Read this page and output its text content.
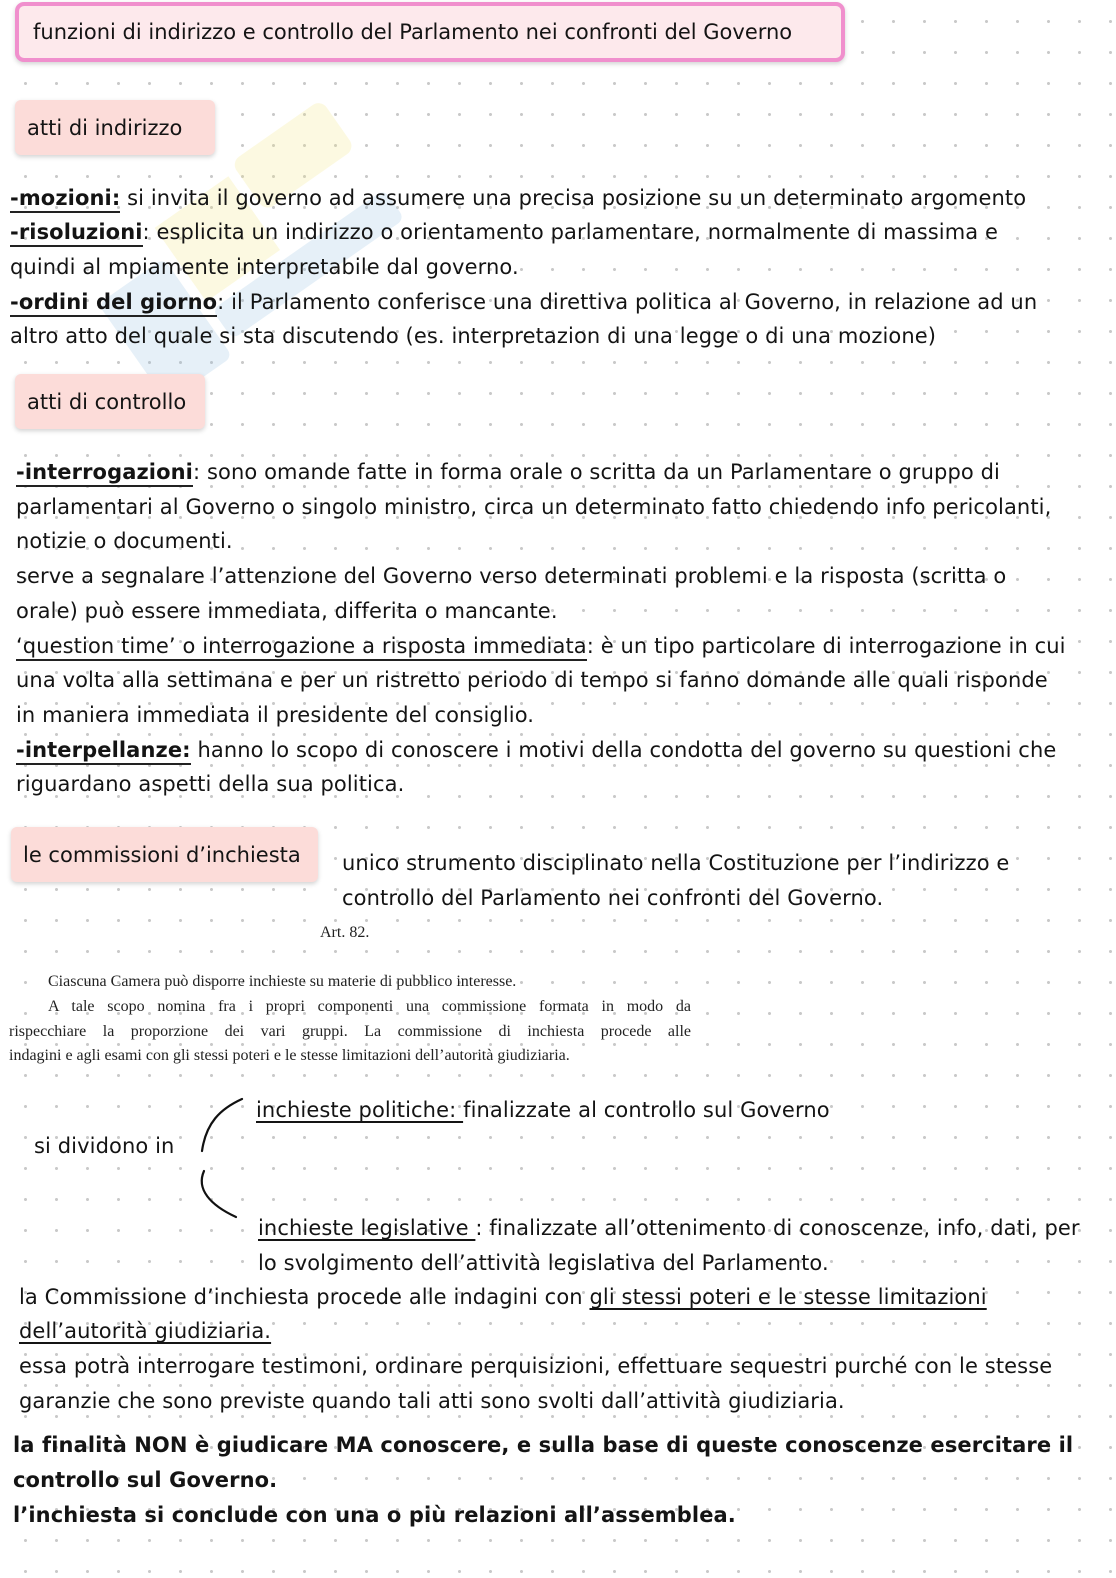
funzioni di indirizzo e controllo del Parlamento nei confronti del Governo
atti di indirizzo
-mozioni: si invita il governo ad assumere una precisa posizione su un determinato argomento
-risoluzioni: esplicita un indirizzo o orientamento parlamentare, normalmente di massima e
quindi al mpiamente interpretabile dal governo.
-ordini del giorno: il Parlamento conferisce una direttiva politica al Governo, in relazione ad un
altro atto del quale si sta discutendo (es. interpretazion di una legge o di una mozione)
atti di controllo
-interrogazioni: sono omande fatte in forma orale o scritta da un Parlamentare o gruppo di
parlamentari al Governo o singolo ministro, circa un determinato fatto chiedendo info pericolanti,
notizie o documenti.
serve a segnalare l’attenzione del Governo verso determinati problemi e la risposta (scritta o
orale) può essere immediata, differita o mancante.
‘question time’ o interrogazione a risposta immediata: è un tipo particolare di interrogazione in cui
una volta alla settimana e per un ristretto periodo di tempo si fanno domande alle quali risponde
in maniera immediata il presidente del consiglio.
-interpellanze: hanno lo scopo di conoscere i motivi della condotta del governo su questioni che
riguardano aspetti della sua politica.
le commissioni d’inchiesta	unico strumento disciplinato nella Costituzione per l’indirizzo e
controllo del Parlamento nei confronti del Governo.
Art. 82.
Ciascuna Camera può disporre inchieste su materie di pubblico interesse.
A tale scopo nomina fra i propri componenti una commissione formata in modo da
rispecchiare la proporzione dei vari gruppi. La commissione di inchiesta procede alle
indagini e agli esami con gli stessi poteri e le stesse limitazioni dell’autorità giudiziaria.
si dividono in
inchieste politiche: finalizzate al controllo sul Governo
inchieste legislative : finalizzate all’ottenimento di conoscenze, info, dati, per
lo svolgimento dell’attività legislativa del Parlamento.
la Commissione d’inchiesta procede alle indagini con gli stessi poteri e le stesse limitazioni
dell’autorità giudiziaria.
essa potrà interrogare testimoni, ordinare perquisizioni, effettuare sequestri purché con le stesse
garanzie che sono previste quando tali atti sono svolti dall’attività giudiziaria.
la finalità NON è giudicare MA conoscere, e sulla base di queste conoscenze esercitare il
controllo sul Governo.
l’inchiesta si conclude con una o più relazioni all’assemblea.
